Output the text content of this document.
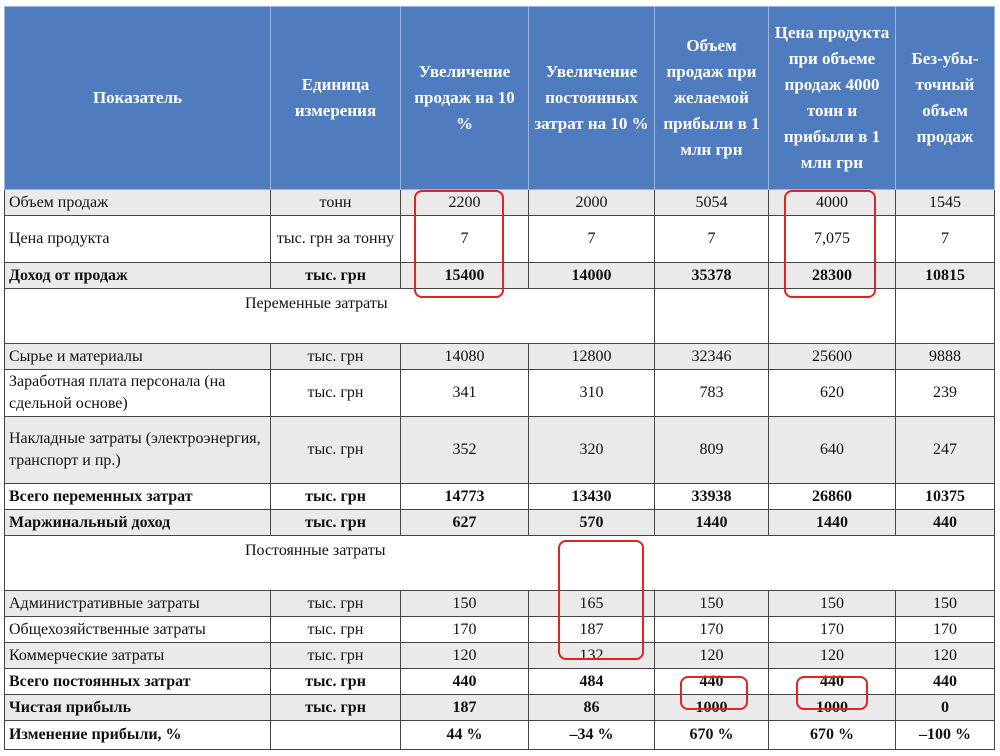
Показатель	Единица измерения	Увеличение продаж на 10 %	Увеличение постоянных затрат на 10 %	Объем продаж при желаемой прибыли в 1 млн грн	Цена продукта при объеме продаж 4000 тонн и прибыли в 1 млн грн	Без-убы-точный объем продаж
Объем продаж	тонн	2200	2000	5054	4000	1545
Цена продукта	тыс. грн за тонну	7	7	7	7,075	7
Доход от продаж	тыс. грн	15400	14000	35378	28300	10815
Переменные затраты						
Сырье и материалы	тыс. грн	14080	12800	32346	25600	9888
Заработная плата персонала (на сдельной основе)	тыс. грн	341	310	783	620	239
Накладные затраты (электроэнергия, транспорт и пр.)	тыс. грн	352	320	809	640	247
Всего переменных затрат	тыс. грн	14773	13430	33938	26860	10375
Маржинальный доход	тыс. грн	627	570	1440	1440	440
Постоянные затраты						
Административные затраты	тыс. грн	150	165	150	150	150
Общехозяйственные затраты	тыс. грн	170	187	170	170	170
Коммерческие затраты	тыс. грн	120	132	120	120	120
Всего постоянных затрат	тыс. грн	440	484	440	440	440
Чистая прибыль	тыс. грн	187	86	1000	1000	0
Изменение прибыли, %		44 %	–34 %	670 %	670 %	–100 %
